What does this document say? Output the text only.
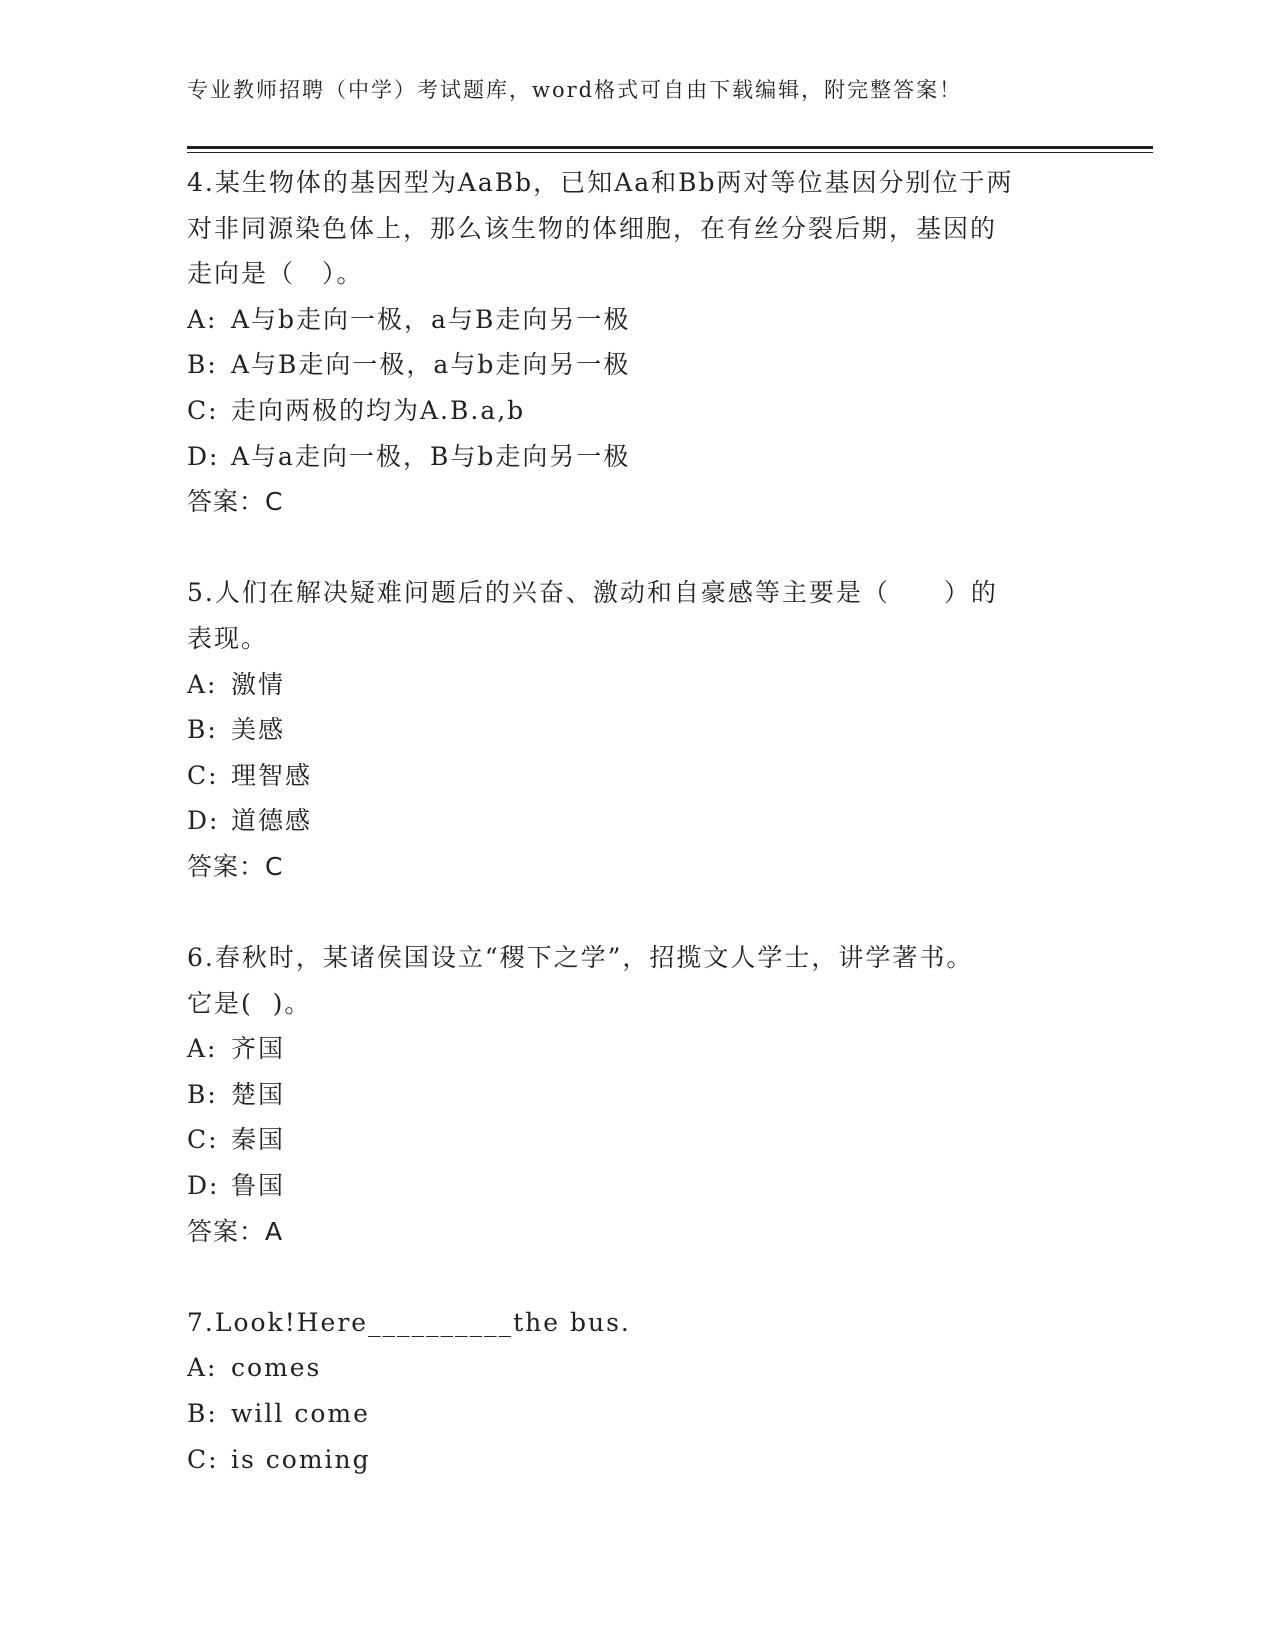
专业教师招聘（中学）考试题库，word格式可自由下载编辑，附完整答案！
4.某生物体的基因型为AaBb，已知Aa和Bb两对等位基因分别位于两
对非同源染色体上，那么该生物的体细胞，在有丝分裂后期，基因的
走向是（　）。
A: A与b走向一极，a与B走向另一极
B: A与B走向一极，a与b走向另一极
C: 走向两极的均为A.B.a,b
D: A与a走向一极，B与b走向另一极
答案：C
5.人们在解决疑难问题后的兴奋、激动和自豪感等主要是（　　）的
表现。
A: 激情
B: 美感
C: 理智感
D: 道德感
答案：C
6.春秋时，某诸侯国设立“稷下之学”，招揽文人学士，讲学著书。
它是(  )。
A: 齐国
B: 楚国
C: 秦国
D: 鲁国
答案：A
7.Look!Here__________the bus.
A: comes
B: will come
C: is coming
